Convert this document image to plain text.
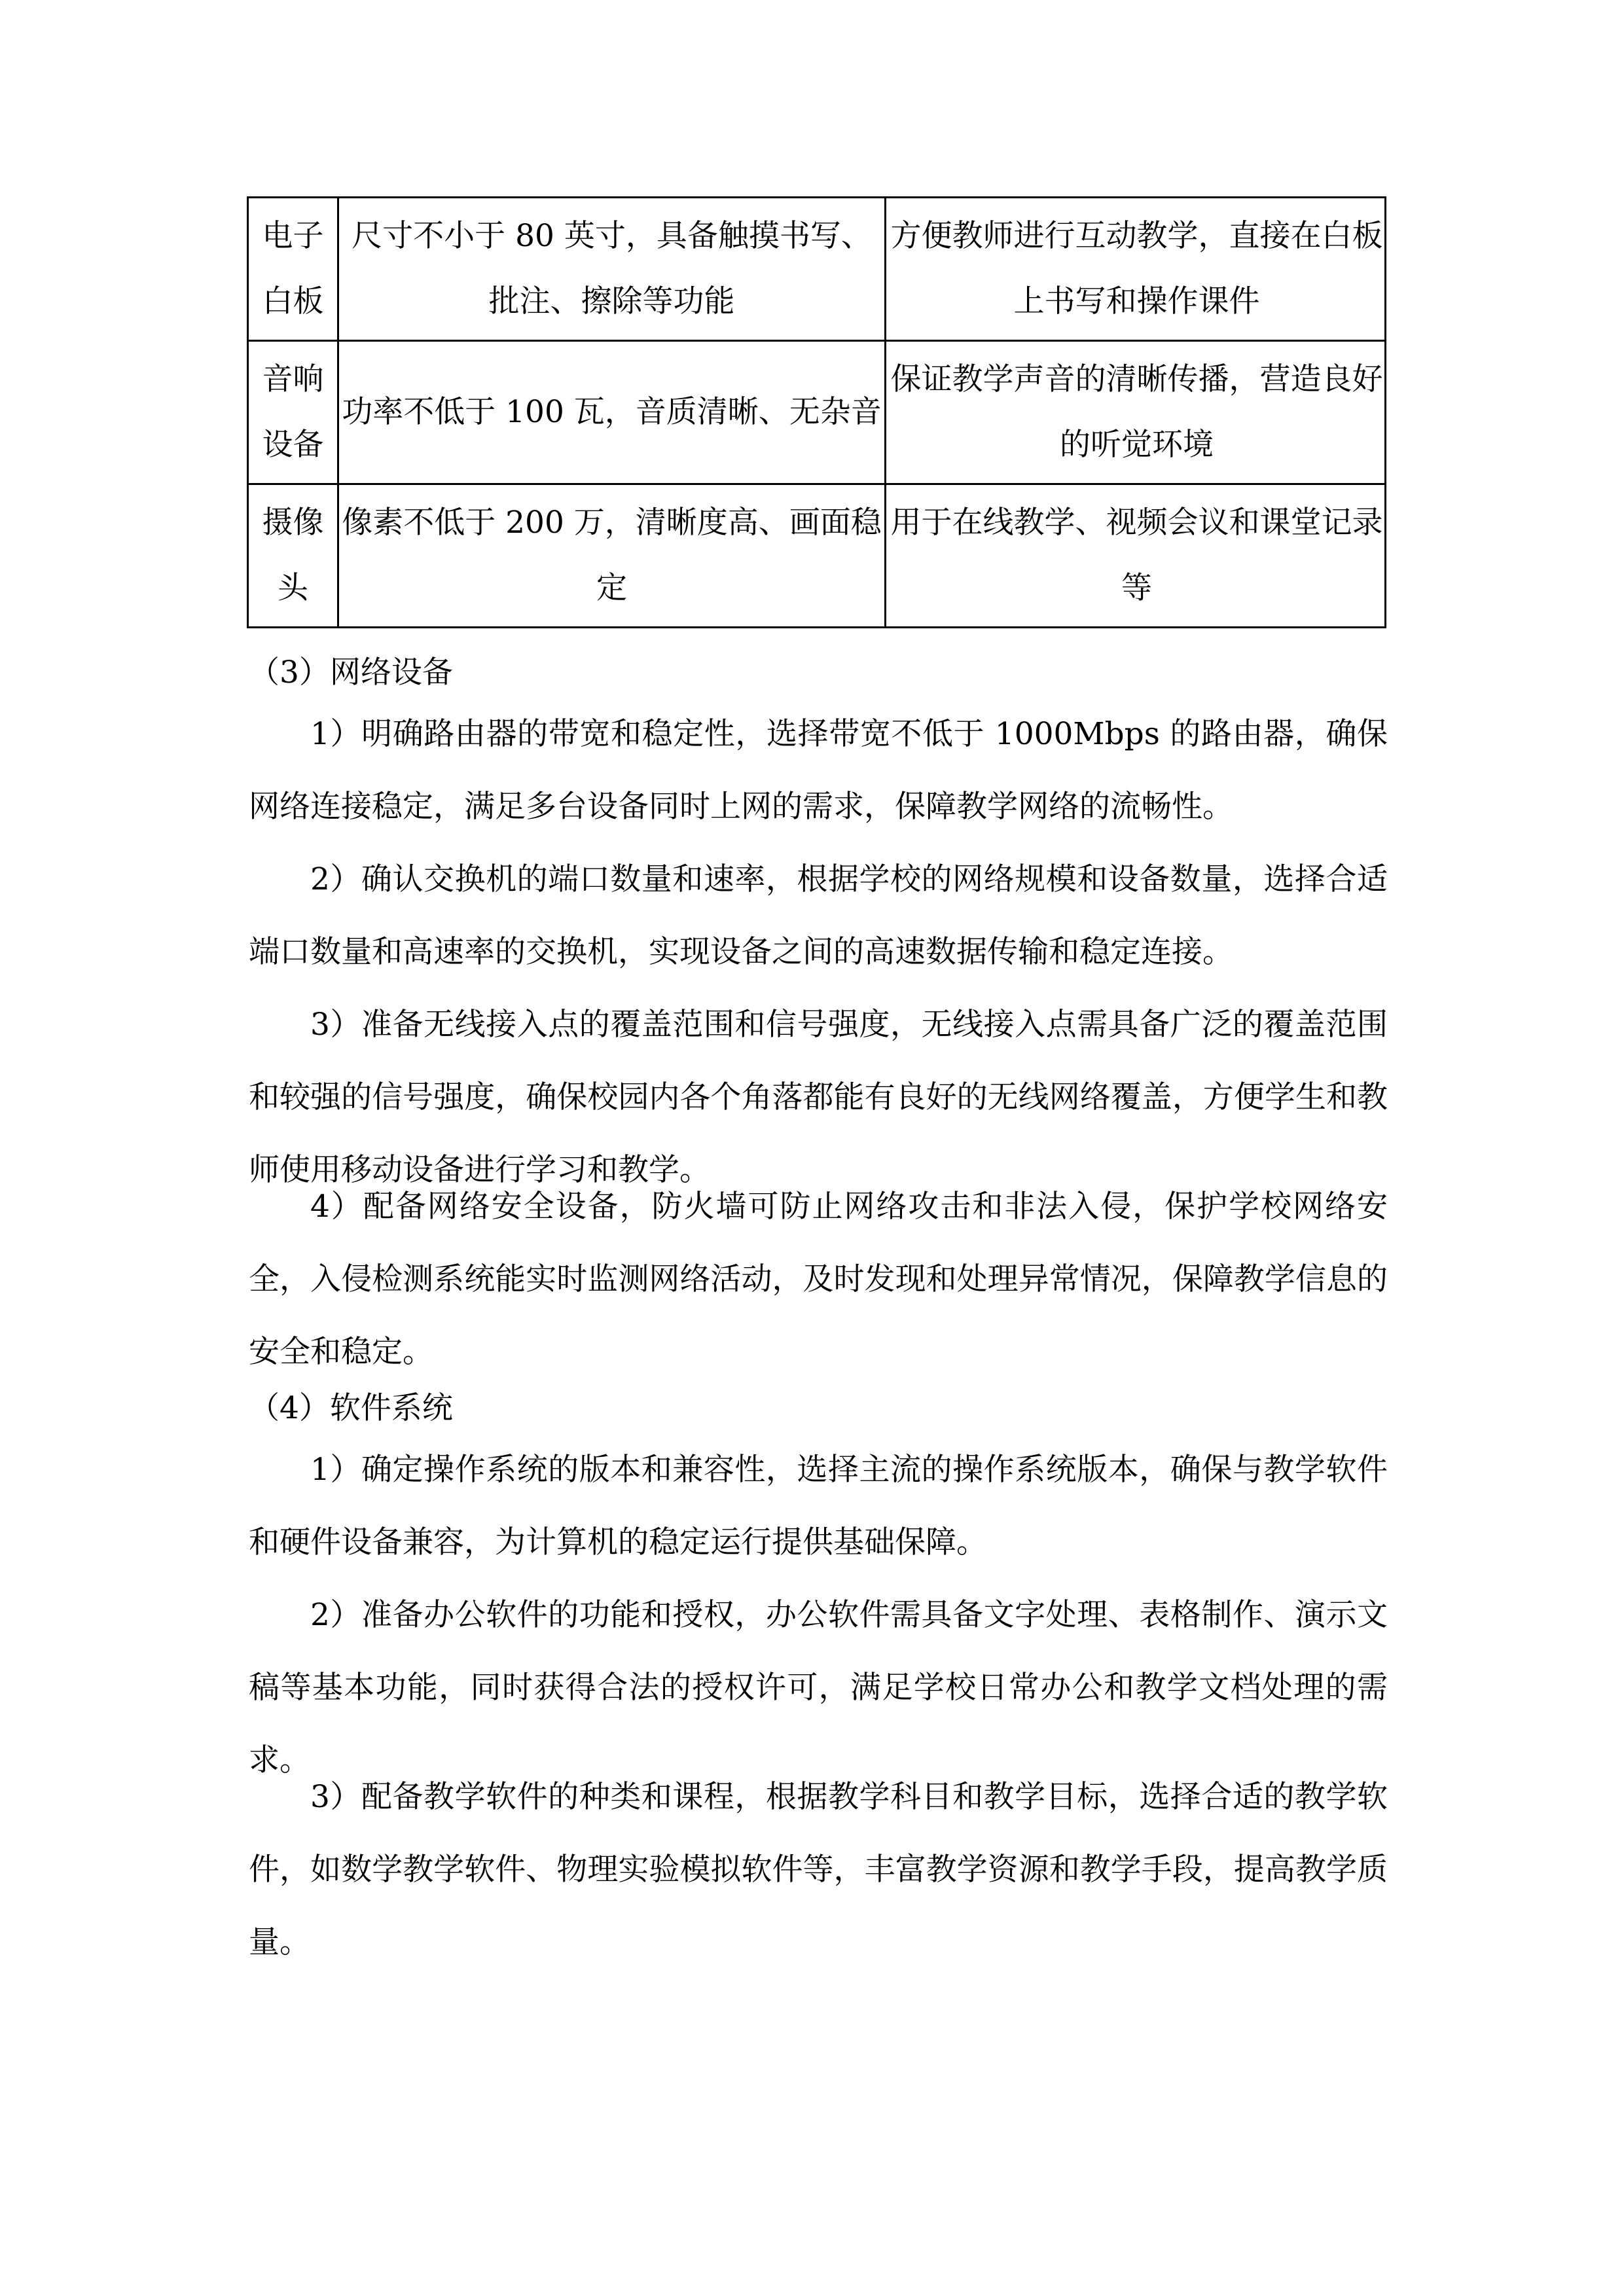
电子白板	尺寸不小于 80 英寸，具备触摸书写、批注、擦除等功能	方便教师进行互动教学，直接在白板上书写和操作课件

音响设备	功率不低于 100 瓦，音质清晰、无杂音	保证教学声音的清晰传播，营造良好的听觉环境

摄像头	像素不低于 200 万，清晰度高、画面稳定	用于在线教学、视频会议和课堂记录等
（3）网络设备

1）明确路由器的带宽和稳定性，选择带宽不低于 1000Mbps 的路由器，确保网络连接稳定，满足多台设备同时上网的需求，保障教学网络的流畅性。

2）确认交换机的端口数量和速率，根据学校的网络规模和设备数量，选择合适端口数量和高速率的交换机，实现设备之间的高速数据传输和稳定连接。

3）准备无线接入点的覆盖范围和信号强度，无线接入点需具备广泛的覆盖范围和较强的信号强度，确保校园内各个角落都能有良好的无线网络覆盖，方便学生和教师使用移动设备进行学习和教学。

4）配备网络安全设备，防火墙可防止网络攻击和非法入侵，保护学校网络安全，入侵检测系统能实时监测网络活动，及时发现和处理异常情况，保障教学信息的安全和稳定。

（4）软件系统

1）确定操作系统的版本和兼容性，选择主流的操作系统版本，确保与教学软件和硬件设备兼容，为计算机的稳定运行提供基础保障。

2）准备办公软件的功能和授权，办公软件需具备文字处理、表格制作、演示文稿等基本功能，同时获得合法的授权许可，满足学校日常办公和教学文档处理的需求。

3）配备教学软件的种类和课程，根据教学科目和教学目标，选择合适的教学软件，如数学教学软件、物理实验模拟软件等，丰富教学资源和教学手段，提高教学质量。
